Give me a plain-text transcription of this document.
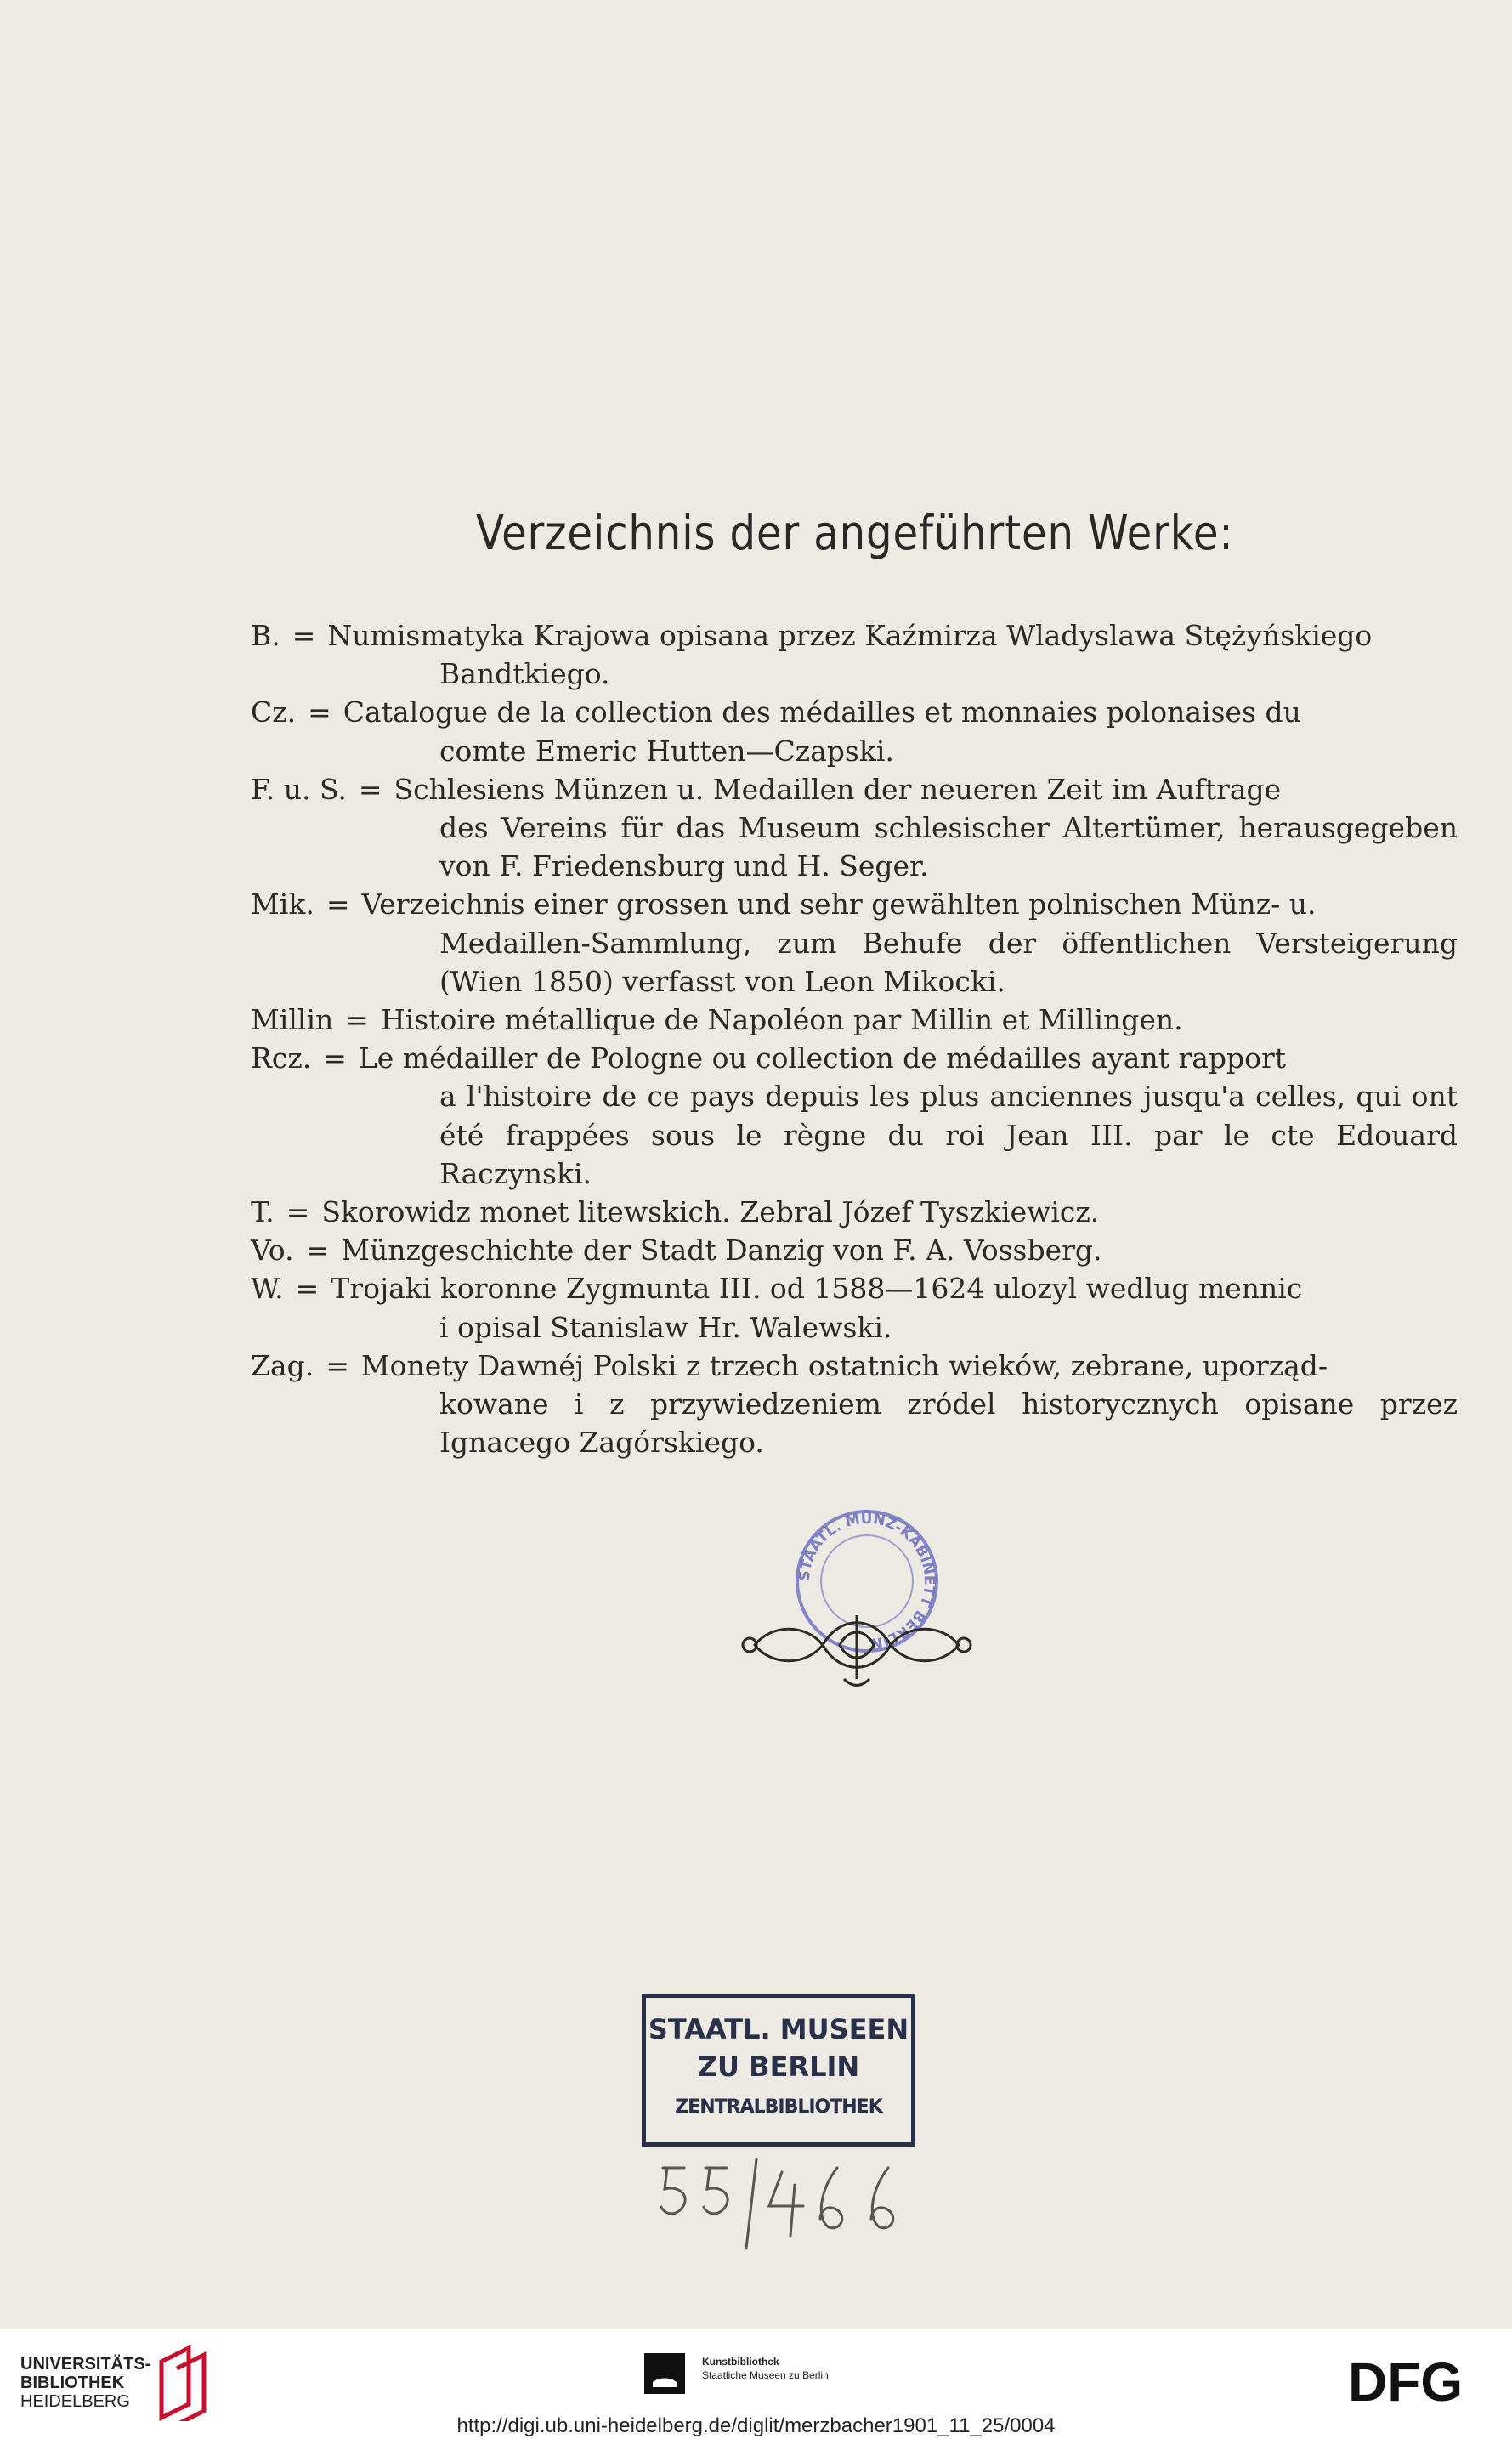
Verzeichnis der angeführten Werke:
B. = Numismatyka Krajowa opisana przez Kaźmirza Wladyslawa Stężyńskiego
Bandtkiego.
Cz. = Catalogue de la collection des médailles et monnaies polonaises du
comte Emeric Hutten—Czapski.
F. u. S. = Schlesiens Münzen u. Medaillen der neueren Zeit im Auftrage
des Vereins für das Museum schlesischer Altertümer, herausgegeben von F. Friedensburg und H. Seger.
Mik. = Verzeichnis einer grossen und sehr gewählten polnischen Münz- u.
Medaillen-Sammlung, zum Behufe der öffentlichen Versteigerung (Wien 1850) verfasst von Leon Mikocki.
Millin = Histoire métallique de Napoléon par Millin et Millingen.
Rcz. = Le médailler de Pologne ou collection de médailles ayant rapport
a l'histoire de ce pays depuis les plus anciennes jusqu'a celles, qui ont été frappées sous le règne du roi Jean III. par le cte Edouard Raczynski.
T. = Skorowidz monet litewskich. Zebral Józef Tyszkiewicz.
Vo. = Münzgeschichte der Stadt Danzig von F. A. Vossberg.
W. = Trojaki koronne Zygmunta III. od 1588—1624 ulozyl wedlug mennic
i opisal Stanislaw Hr. Walewski.
Zag. = Monety Dawnéj Polski z trzech ostatnich wieków, zebrane, uporząd-
kowane i z przywiedzeniem zródel historycznych opisane przez Ignacego Zagórskiego.
STAATL. MÜNZ-KABINETT BERLIN
STAATL. MUSEEN
ZU BERLIN
ZENTRALBIBLIOTHEK
UNIVERSITÄTS-
BIBLIOTHEK
HEIDELBERG
Kunstbibliothek
Staatliche Museen zu Berlin	DFG
http://digi.ub.uni-heidelberg.de/diglit/merzbacher1901_11_25/0004
